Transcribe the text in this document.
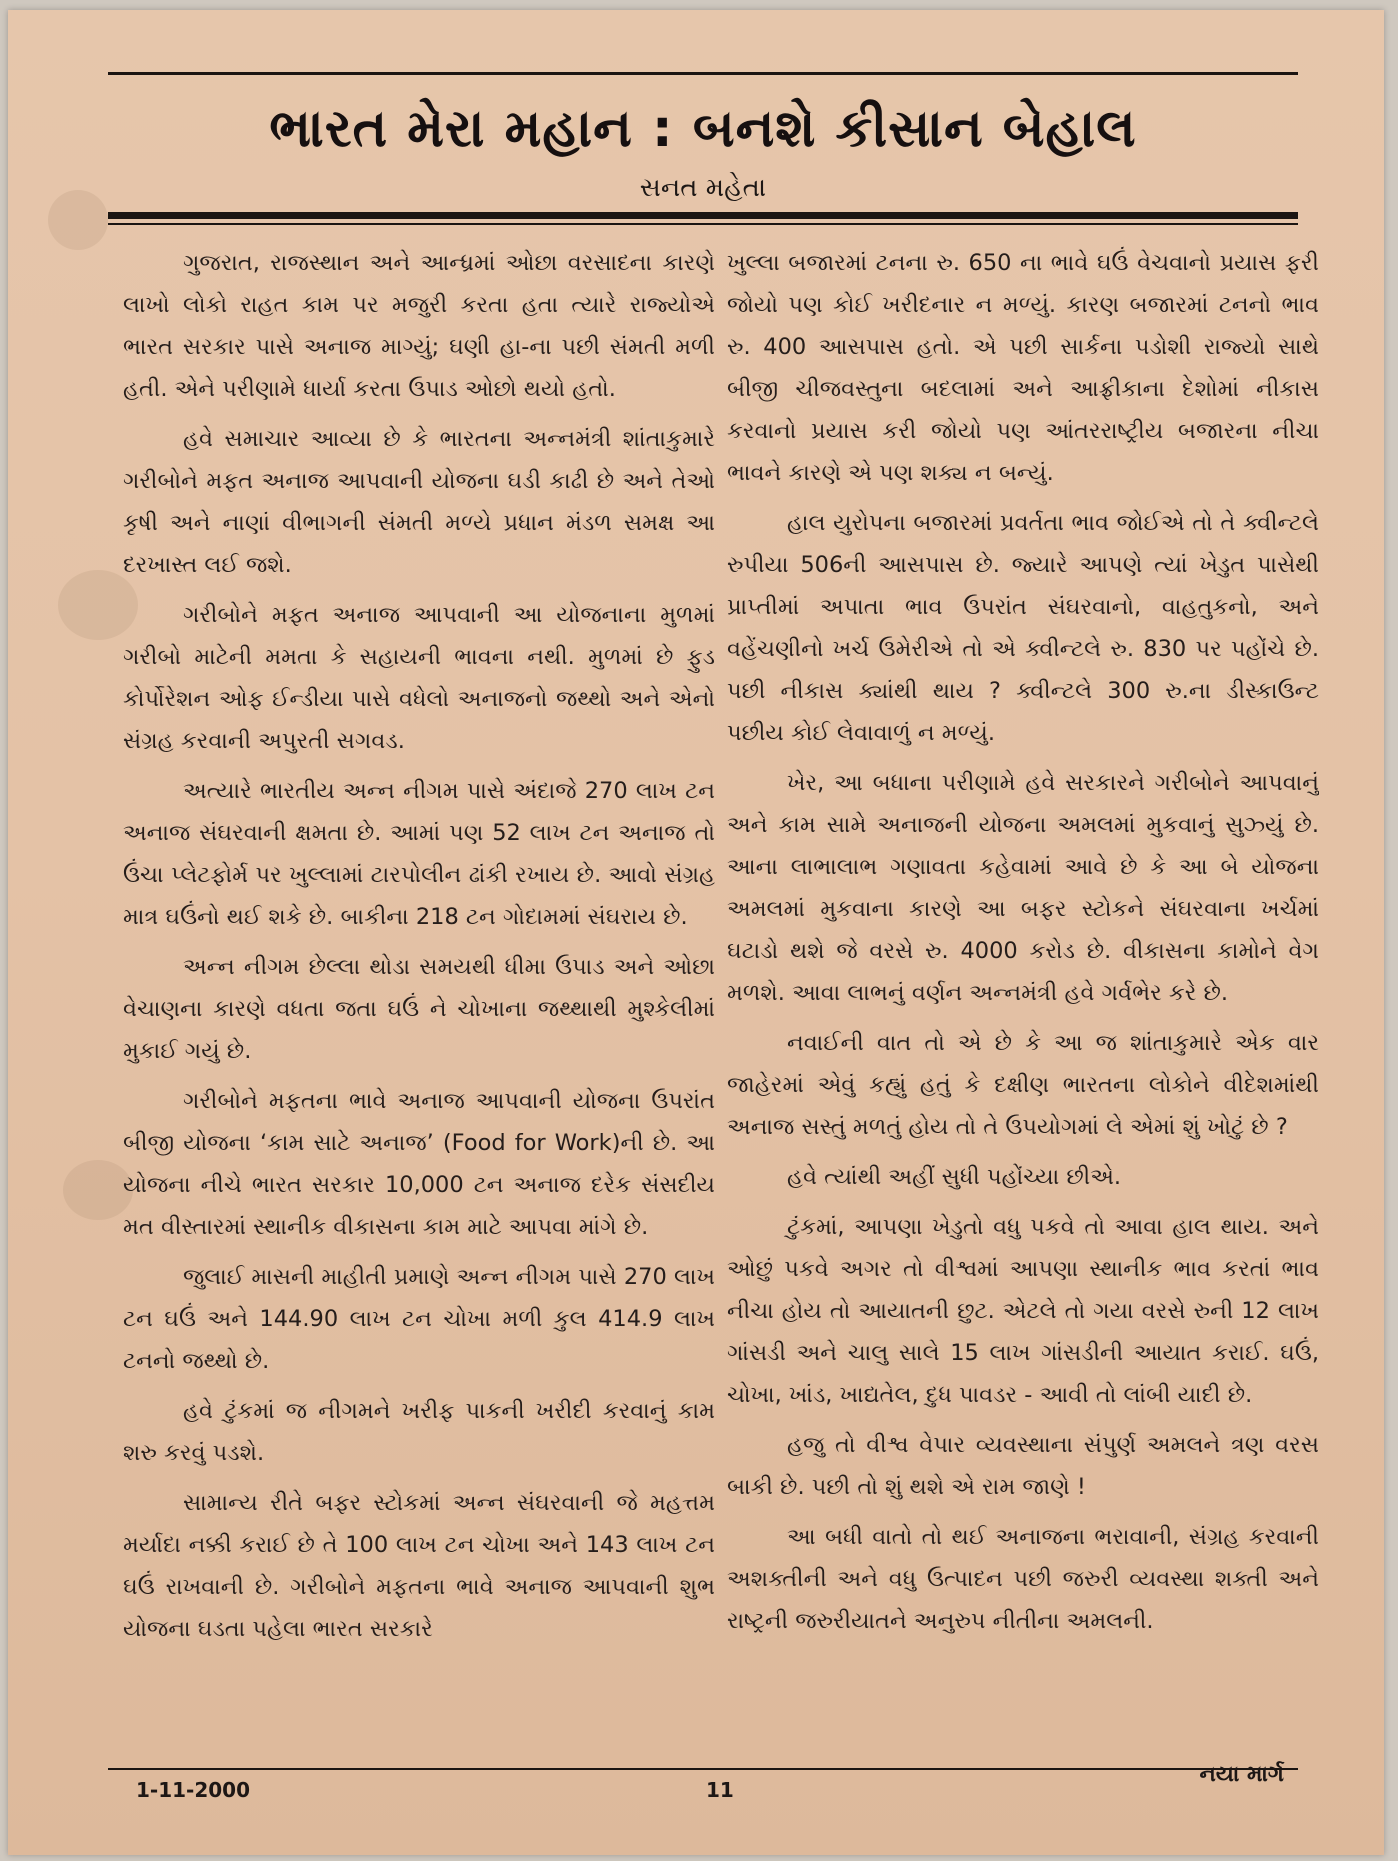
ભારત મેરા મહાન : બનશે કીસાન બેહાલ
સનત મહેતા

ગુજરાત, રાજસ્થાન અને આન્ધ્રમાં ઓછા વરસાદના કારણે લાખો લોકો રાહત કામ પર મજુરી કરતા હતા ત્યારે રાજ્યોએ ભારત સરકાર પાસે અનાજ માગ્યું; ઘણી હા-ના પછી સંમતી મળી હતી. એને પરીણામે ધાર્યા કરતા ઉપાડ ઓછો થયો હતો.

હવે સમાચાર આવ્યા છે કે ભારતના અન્નમંત્રી શાંતાકુમારે ગરીબોને મફત અનાજ આપવાની યોજના ઘડી કાઢી છે અને તેઓ કૃષી અને નાણાં વીભાગની સંમતી મળ્યે પ્રધાન મંડળ સમક્ષ આ દરખાસ્ત લઈ જશે.

ગરીબોને મફત અનાજ આપવાની આ યોજનાના મુળમાં ગરીબો માટેની મમતા કે સહાયની ભાવના નથી. મુળમાં છે ફુડ કોર્પોરેશન ઓફ ઈન્ડીયા પાસે વધેલો અનાજનો જથ્થો અને એનો સંગ્રહ કરવાની અપુરતી સગવડ.

અત્યારે ભારતીય અન્ન નીગમ પાસે અંદાજે 270 લાખ ટન અનાજ સંઘરવાની ક્ષમતા છે. આમાં પણ 52 લાખ ટન અનાજ તો ઉંચા પ્લેટફોર્મ પર ખુલ્લામાં ટારપોલીન ઢાંકી રખાય છે. આવો સંગ્રહ માત્ર ઘઉંનો થઈ શકે છે. બાકીના 218 ટન ગોદામમાં સંઘરાય છે.

અન્ન નીગમ છેલ્લા થોડા સમયથી ધીમા ઉપાડ અને ઓછા વેચાણના કારણે વધતા જતા ઘઉં ને ચોખાના જથ્થાથી મુશ્કેલીમાં મુકાઈ ગયું છે.

ગરીબોને મફતના ભાવે અનાજ આપવાની યોજના ઉપરાંત બીજી યોજના ‘કામ સાટે અનાજ’ (Food for Work)ની છે. આ યોજના નીચે ભારત સરકાર 10,000 ટન અનાજ દરેક સંસદીય મત વીસ્તારમાં સ્થાનીક વીકાસના કામ માટે આપવા માંગે છે.

જુલાઈ માસની માહીતી પ્રમાણે અન્ન નીગમ પાસે 270 લાખ ટન ઘઉં અને 144.90 લાખ ટન ચોખા મળી કુલ 414.9 લાખ ટનનો જથ્થો છે.

હવે ટુંકમાં જ નીગમને ખરીફ પાકની ખરીદી કરવાનું કામ શરુ કરવું પડશે.

સામાન્ય રીતે બફર સ્ટોકમાં અન્ન સંઘરવાની જે મહત્તમ મર્યાદા નક્કી કરાઈ છે તે 100 લાખ ટન ચોખા અને 143 લાખ ટન ઘઉં રાખવાની છે. ગરીબોને મફતના ભાવે અનાજ આપવાની શુભ યોજના ઘડતા પહેલા ભારત સરકારે

ખુલ્લા બજારમાં ટનના રુ. 650 ના ભાવે ઘઉં વેચવાનો પ્રયાસ ફરી જોયો પણ કોઈ ખરીદનાર ન મળ્યું. કારણ બજારમાં ટનનો ભાવ રુ. 400 આસપાસ હતો. એ પછી સાર્કના પડોશી રાજ્યો સાથે બીજી ચીજવસ્તુના બદલામાં અને આફ્રીકાના દેશોમાં નીકાસ કરવાનો પ્રયાસ કરી જોયો પણ આંતરરાષ્ટ્રીય બજારના નીચા ભાવને કારણે એ પણ શક્ય ન બન્યું.

હાલ યુરોપના બજારમાં પ્રવર્તતા ભાવ જોઈએ તો તે ક્વીન્ટલે રુપીયા 506ની આસપાસ છે. જ્યારે આપણે ત્યાં ખેડુત પાસેથી પ્રાપ્તીમાં અપાતા ભાવ ઉપરાંત સંઘરવાનો, વાહતુકનો, અને વહેંચણીનો ખર્ચ ઉમેરીએ તો એ ક્વીન્ટલે રુ. 830 પર પહોંચે છે. પછી નીકાસ ક્યાંથી થાય ? ક્વીન્ટલે 300 રુ.ના ડીસ્કાઉન્ટ પછીય કોઈ લેવાવાળું ન મળ્યું.

ખેર, આ બધાના પરીણામે હવે સરકારને ગરીબોને આપવાનું અને કામ સામે અનાજની યોજના અમલમાં મુકવાનું સુઝ્યું છે. આના લાભાલાભ ગણાવતા કહેવામાં આવે છે કે આ બે યોજના અમલમાં મુકવાના કારણે આ બફર સ્ટોકને સંઘરવાના ખર્ચમાં ઘટાડો થશે જે વરસે રુ. 4000 કરોડ છે. વીકાસના કામોને વેગ મળશે. આવા લાભનું વર્ણન અન્નમંત્રી હવે ગર્વભેર કરે છે.

નવાઈની વાત તો એ છે કે આ જ શાંતાકુમારે એક વાર જાહેરમાં એવું કહ્યું હતું કે દક્ષીણ ભારતના લોકોને વીદેશમાંથી અનાજ સસ્તું મળતું હોય તો તે ઉપયોગમાં લે એમાં શું ખોટું છે ?

હવે ત્યાંથી અહીં સુધી પહોંચ્યા છીએ.

ટુંકમાં, આપણા ખેડુતો વધુ પકવે તો આવા હાલ થાય. અને ઓછું પકવે અગર તો વીશ્વમાં આપણા સ્થાનીક ભાવ કરતાં ભાવ નીચા હોય તો આયાતની છુટ. એટલે તો ગયા વરસે રુની 12 લાખ ગાંસડી અને ચાલુ સાલે 15 લાખ ગાંસડીની આયાત કરાઈ. ઘઉં, ચોખા, ખાંડ, ખાદ્યતેલ, દુધ પાવડર - આવી તો લાંબી યાદી છે.

હજુ તો વીશ્વ વેપાર વ્યવસ્થાના સંપુર્ણ અમલને ત્રણ વરસ બાકી છે. પછી તો શું થશે એ રામ જાણે !

આ બધી વાતો તો થઈ અનાજના ભરાવાની, સંગ્રહ કરવાની અશક્તીની અને વધુ ઉત્પાદન પછી જરુરી વ્યવસ્થા શક્તી અને રાષ્ટ્રની જરુરીયાતને અનુરુપ નીતીના અમલની.

1-11-2000	11
નયા માર્ગ
